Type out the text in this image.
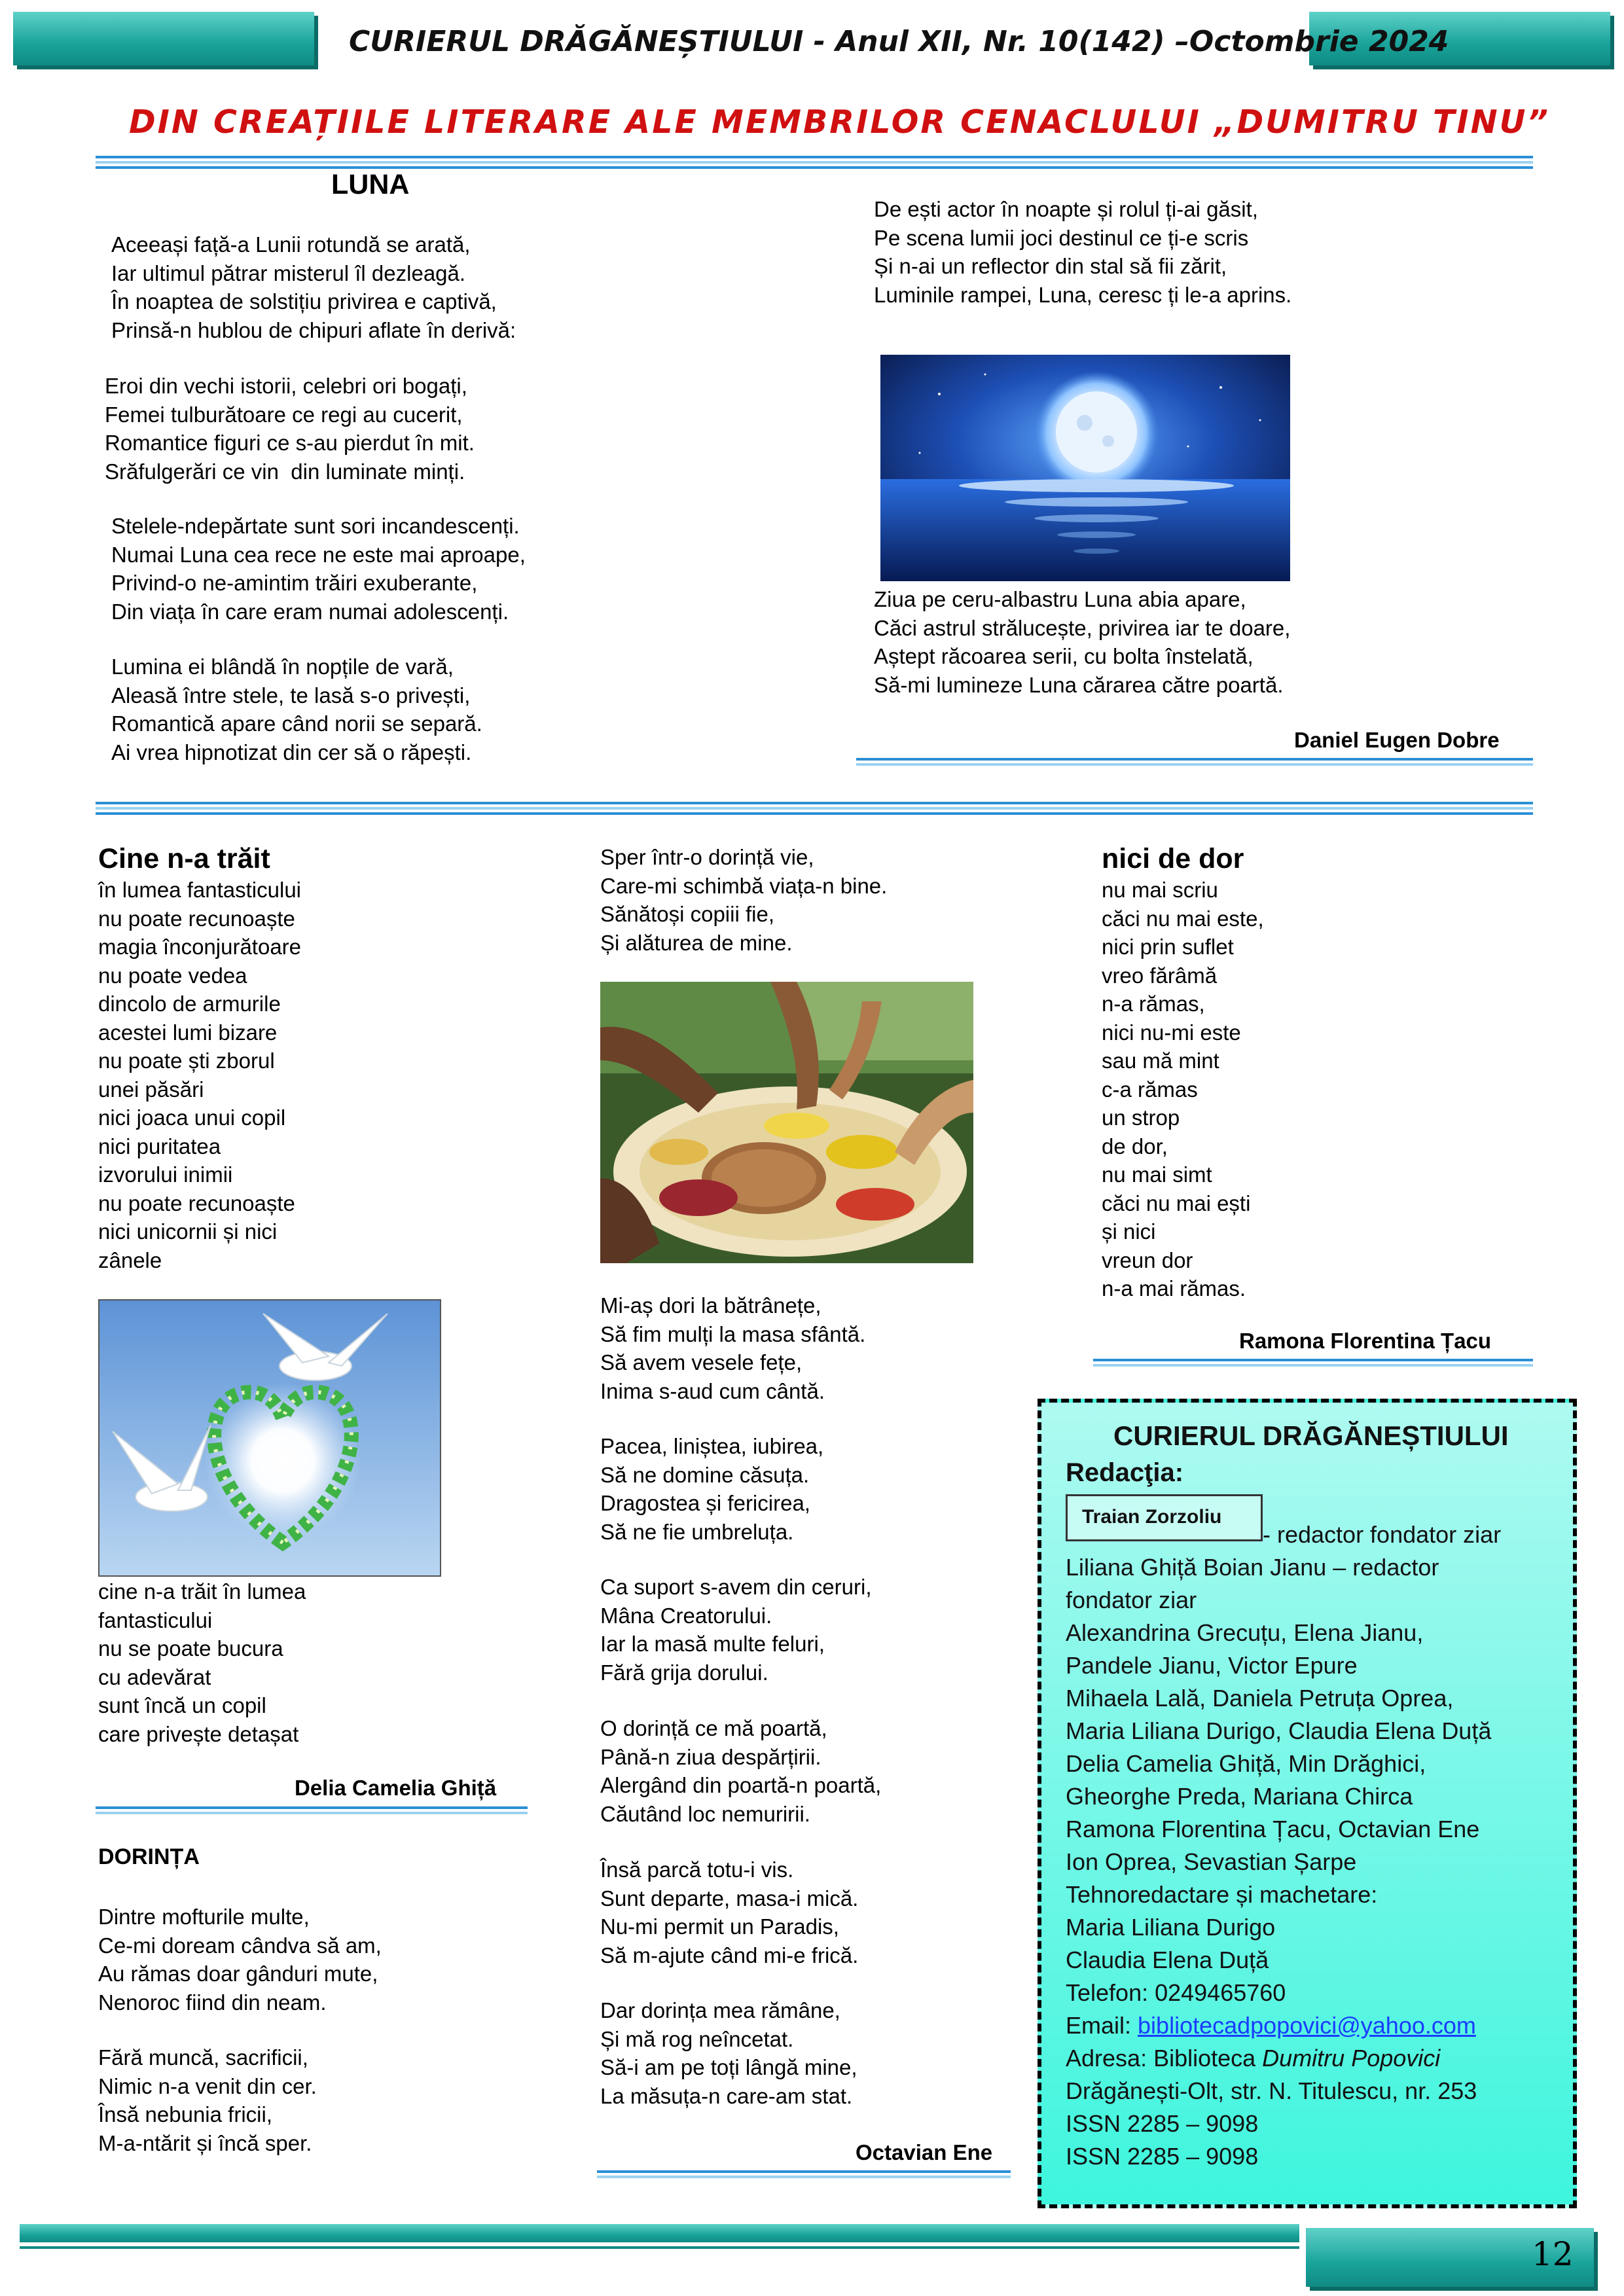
CURIERUL DRĂGĂNEȘTIULUI - Anul XII, Nr. 10(142) –Octombrie 2024
DIN CREAȚIILE LITERARE ALE MEMBRILOR CENACLULUI „DUMITRU TINU”
LUNA
Aceeași față-a Lunii rotundă se arată,
Iar ultimul pătrar misterul îl dezleagă.
În noaptea de solstițiu privirea e captivă,
Prinsă-n hublou de chipuri aflate în derivă:
Eroi din vechi istorii, celebri ori bogați,
Femei tulburătoare ce regi au cucerit,
Romantice figuri ce s-au pierdut în mit.
Srăfulgerări ce vin  din luminate minți.
Stelele-ndepărtate sunt sori incandescenți.
Numai Luna cea rece ne este mai aproape,
Privind-o ne-amintim trăiri exuberante,
Din viața în care eram numai adolescenți.
Lumina ei blândă în nopțile de vară,
Aleasă între stele, te lasă s-o privești,
Romantică apare când norii se separă.
Ai vrea hipnotizat din cer să o răpești.
De ești actor în noapte și rolul ți-ai găsit,
Pe scena lumii joci destinul ce ți-e scris
Și n-ai un reflector din stal să fii zărit,
Luminile rampei, Luna, ceresc ți le-a aprins.
Ziua pe ceru-albastru Luna abia apare,
Căci astrul strălucește, privirea iar te doare,
Aștept răcoarea serii, cu bolta înstelată,
Să-mi lumineze Luna cărarea către poartă.
Daniel Eugen Dobre
Cine n-a trăit
în lumea fantasticului
nu poate recunoaște
magia înconjurătoare
nu poate vedea
dincolo de armurile
acestei lumi bizare
nu poate ști zborul
unei păsări
nici joaca unui copil
nici puritatea
izvorului inimii
nu poate recunoaște
nici unicornii și nici
zânele
cine n-a trăit în lumea
fantasticului
nu se poate bucura
cu adevărat
sunt încă un copil
care privește detașat
Delia Camelia Ghiță
DORINȚA
Dintre mofturile multe,
Ce-mi doream cândva să am,
Au rămas doar gânduri mute,
Nenoroc fiind din neam.
Fără muncă, sacrificii,
Nimic n-a venit din cer.
Însă nebunia fricii,
M-a-ntărit și încă sper.
Sper într-o dorință vie,
Care-mi schimbă viața-n bine.
Sănătoși copiii fie,
Și alăturea de mine.
Mi-aș dori la bătrânețe,
Să fim mulți la masa sfântă.
Să avem vesele fețe,
Inima s-aud cum cântă.
Pacea, liniștea, iubirea,
Să ne domine căsuța.
Dragostea și fericirea,
Să ne fie umbreluța.
Ca suport s-avem din ceruri,
Mâna Creatorului.
Iar la masă multe feluri,
Fără grija dorului.
O dorință ce mă poartă,
Până-n ziua despărțirii.
Alergând din poartă-n poartă,
Căutând loc nemuririi.
Însă parcă totu-i vis.
Sunt departe, masa-i mică.
Nu-mi permit un Paradis,
Să m-ajute când mi-e frică.
Dar dorința mea rămâne,
Și mă rog neîncetat.
Să-i am pe toți lângă mine,
La măsuța-n care-am stat.
Octavian Ene
nici de dor
nu mai scriu
căci nu mai este,
nici prin suflet
vreo fărâmă
n-a rămas,
nici nu-mi este
sau mă mint
c-a rămas
un strop
de dor,
nu mai simt
căci nu mai ești
și nici
vreun dor
n-a mai rămas.
Ramona Florentina Țacu
CURIERUL DRĂGĂNEȘTIULUI
Redacţia:
Traian Zorzoliu
- redactor fondator ziar
Liliana Ghiță Boian Jianu – redactor
fondator ziar
Alexandrina Grecuțu, Elena Jianu,
Pandele Jianu, Victor Epure
Mihaela Lală, Daniela Petruța Oprea,
Maria Liliana Durigo, Claudia Elena Duță
Delia Camelia Ghiță, Min Drăghici,
Gheorghe Preda, Mariana Chirca
Ramona Florentina Țacu, Octavian Ene
Ion Oprea, Sevastian Șarpe
Tehnoredactare și machetare:
Maria Liliana Durigo
Claudia Elena Duță
Telefon: 0249465760
Email: bibliotecadpopovici@yahoo.com
Adresa: Biblioteca Dumitru Popovici
Drăgănești-Olt, str. N. Titulescu, nr. 253
ISSN 2285 – 9098
ISSN 2285 – 9098
12
